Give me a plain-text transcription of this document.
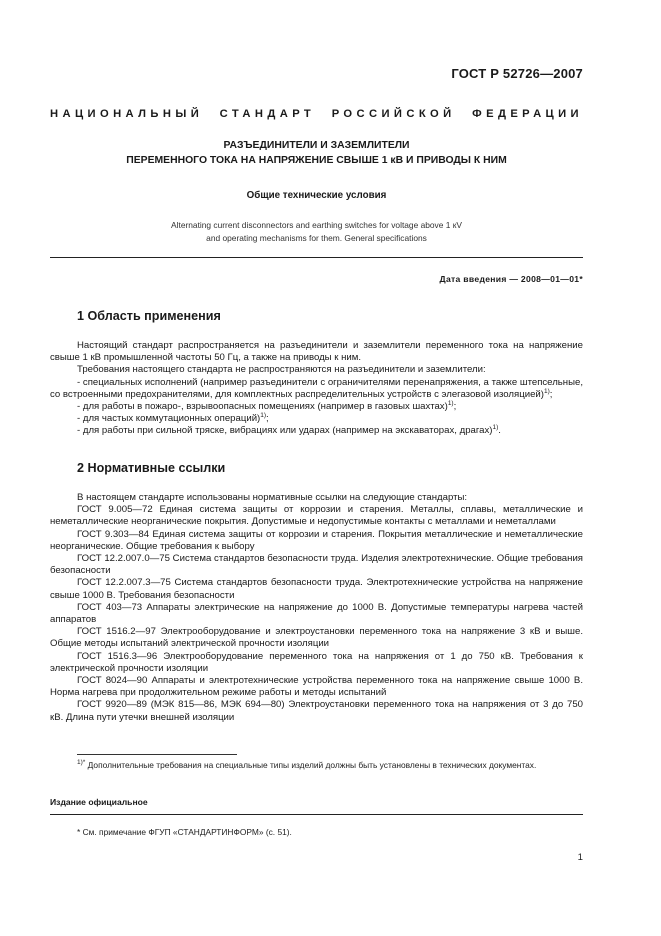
ГОСТ Р 52726—2007
НАЦИОНАЛЬНЫЙ СТАНДАРТ РОССИЙСКОЙ ФЕДЕРАЦИИ
РАЗЪЕДИНИТЕЛИ И ЗАЗЕМЛИТЕЛИ
ПЕРЕМЕННОГО ТОКА НА НАПРЯЖЕНИЕ СВЫШЕ 1 кВ И ПРИВОДЫ К НИМ
Общие технические условия
Alternating current disconnectors and earthing switches for voltage above 1 кV
and operating mechanisms for them. General specifications
Дата введения — 2008—01—01*
1 Область применения

Настоящий стандарт распространяется на разъединители и заземлители переменного тока на напряжение свыше 1 кВ промышленной частоты 50 Гц, а также на приводы к ним.

Требования настоящего стандарта не распространяются на разъединители и заземлители:

- специальных исполнений (например разъединители с ограничителями перенапряжения, а также штепсельные, со встроенными предохранителями, для комплектных распределительных устройств с элегазовой изоляцией)$^{1)}$;

- для работы в пожаро-, взрывоопасных помещениях (например в газовых шахтах)$^{1)}$;

- для частых коммутационных операций)$^{1)}$;

- для работы при сильной тряске, вибрациях или ударах (например на экскаваторах, драгах)$^{1)}$.

2 Нормативные ссылки

В настоящем стандарте использованы нормативные ссылки на следующие стандарты:

ГОСТ 9.005—72 Единая система защиты от коррозии и старения. Металлы, сплавы, металлические и неметаллические неорганические покрытия. Допустимые и недопустимые контакты с металлами и неметаллами

ГОСТ 9.303—84 Единая система защиты от коррозии и старения. Покрытия металлические и неметаллические неорганические. Общие требования к выбору

ГОСТ 12.2.007.0—75 Система стандартов безопасности труда. Изделия электротехнические. Общие требования безопасности

ГОСТ 12.2.007.3—75 Система стандартов безопасности труда. Электротехнические устройства на напряжение свыше 1000 В. Требования безопасности

ГОСТ 403—73 Аппараты электрические на напряжение до 1000 В. Допустимые температуры нагрева частей аппаратов

ГОСТ 1516.2—97 Электрооборудование и электроустановки переменного тока на напряжение 3 кВ и выше. Общие методы испытаний электрической прочности изоляции

ГОСТ 1516.3—96 Электрооборудование переменного тока на напряжения от 1 до 750 кВ. Требования к электрической прочности изоляции

ГОСТ 8024—90 Аппараты и электротехнические устройства переменного тока на напряжение свыше 1000 В. Норма нагрева при продолжительном режиме работы и методы испытаний

ГОСТ 9920—89 (МЭК 815—86, МЭК 694—80) Электроустановки переменного тока на напряжения от 3 до 750 кВ. Длина пути утечки внешней изоляции

$^{1)*}$ Дополнительные требования на специальные типы изделий должны быть установлены в технических документах.
Издание официальное
* См. примечание ФГУП «СТАНДАРТИНФОРМ» (с. 51).
1
